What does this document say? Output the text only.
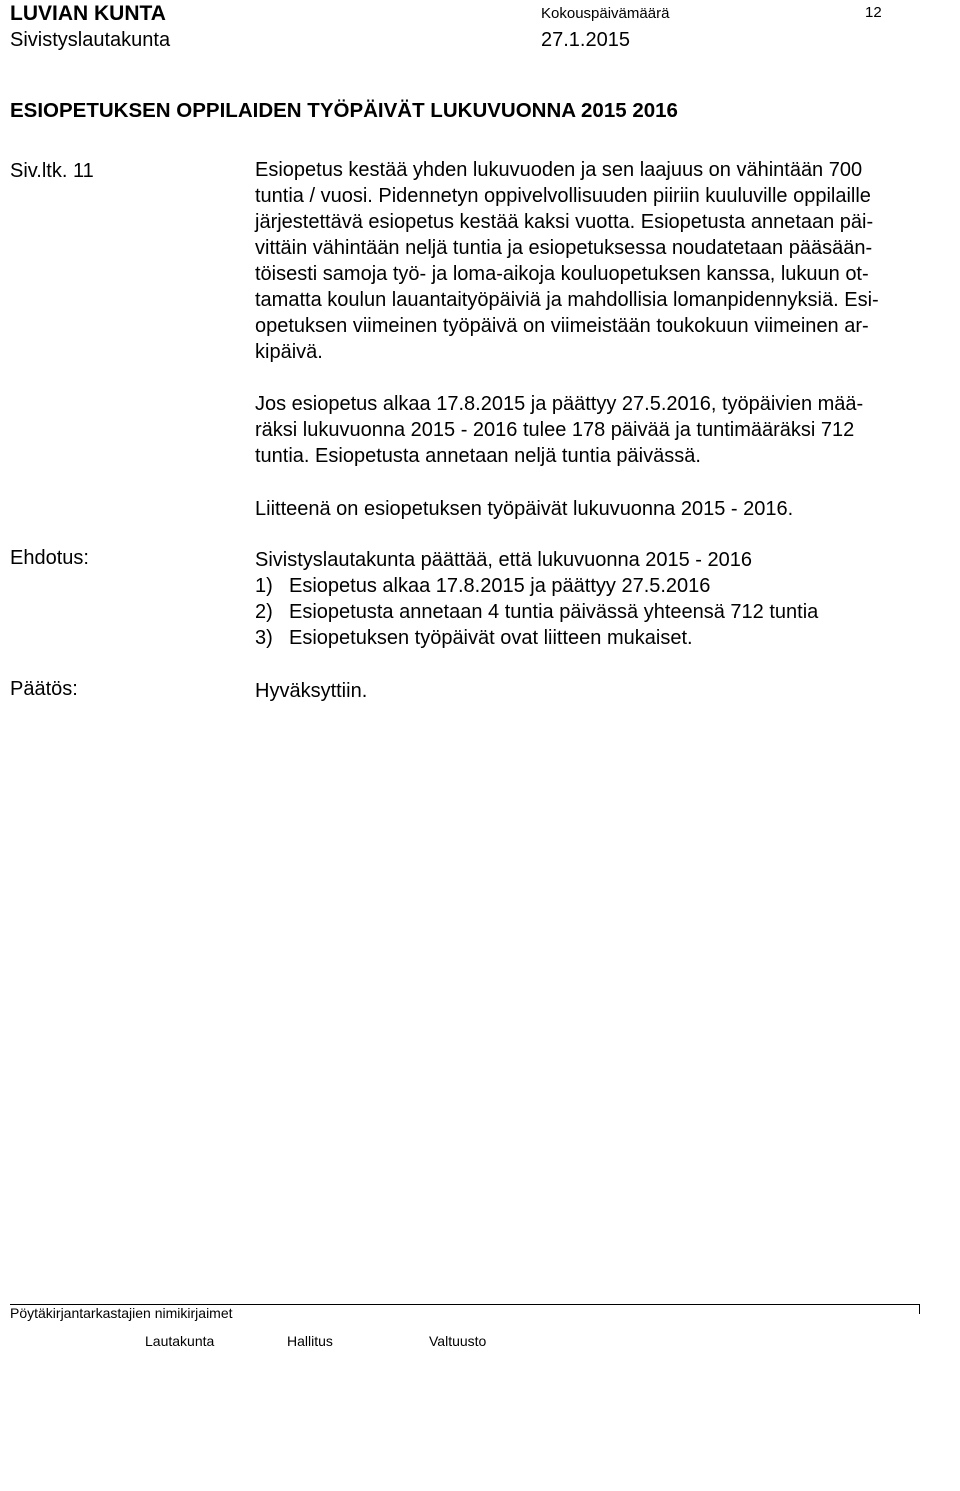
LUVIAN KUNTA
Sivistyslautakunta
Kokouspäivämäärä
27.1.2015
12
ESIOPETUKSEN OPPILAIDEN TYÖPÄIVÄT LUKUVUONNA 2015 2016
Siv.ltk. 11
Ehdotus:
Päätös:
Esiopetus kestää yhden lukuvuoden ja sen laajuus on vähintään 700
tuntia / vuosi. Pidennetyn oppivelvollisuuden piiriin kuuluville oppilaille
järjestettävä esiopetus kestää kaksi vuotta. Esiopetusta annetaan päi-
vittäin vähintään neljä tuntia ja esiopetuksessa noudatetaan pääsään-
töisesti samoja työ- ja loma-aikoja kouluopetuksen kanssa, lukuun ot-
tamatta koulun lauantaityöpäiviä ja mahdollisia lomanpidennyksiä. Esi-
opetuksen viimeinen työpäivä on viimeistään toukokuun viimeinen ar-
kipäivä.
Jos esiopetus alkaa 17.8.2015 ja päättyy 27.5.2016, työpäivien mää-
räksi lukuvuonna 2015 - 2016 tulee 178 päivää ja tuntimääräksi 712
tuntia. Esiopetusta annetaan neljä tuntia päivässä.
Liitteenä on esiopetuksen työpäivät lukuvuonna 2015 - 2016.
Sivistyslautakunta päättää, että lukuvuonna 2015 - 2016
1) Esiopetus alkaa 17.8.2015 ja päättyy 27.5.2016
2) Esiopetusta annetaan 4 tuntia päivässä yhteensä 712 tuntia
3) Esiopetuksen työpäivät ovat liitteen mukaiset.
Hyväksyttiin.
Pöytäkirjantarkastajien nimikirjaimet
Lautakunta	Hallitus	Valtuusto
